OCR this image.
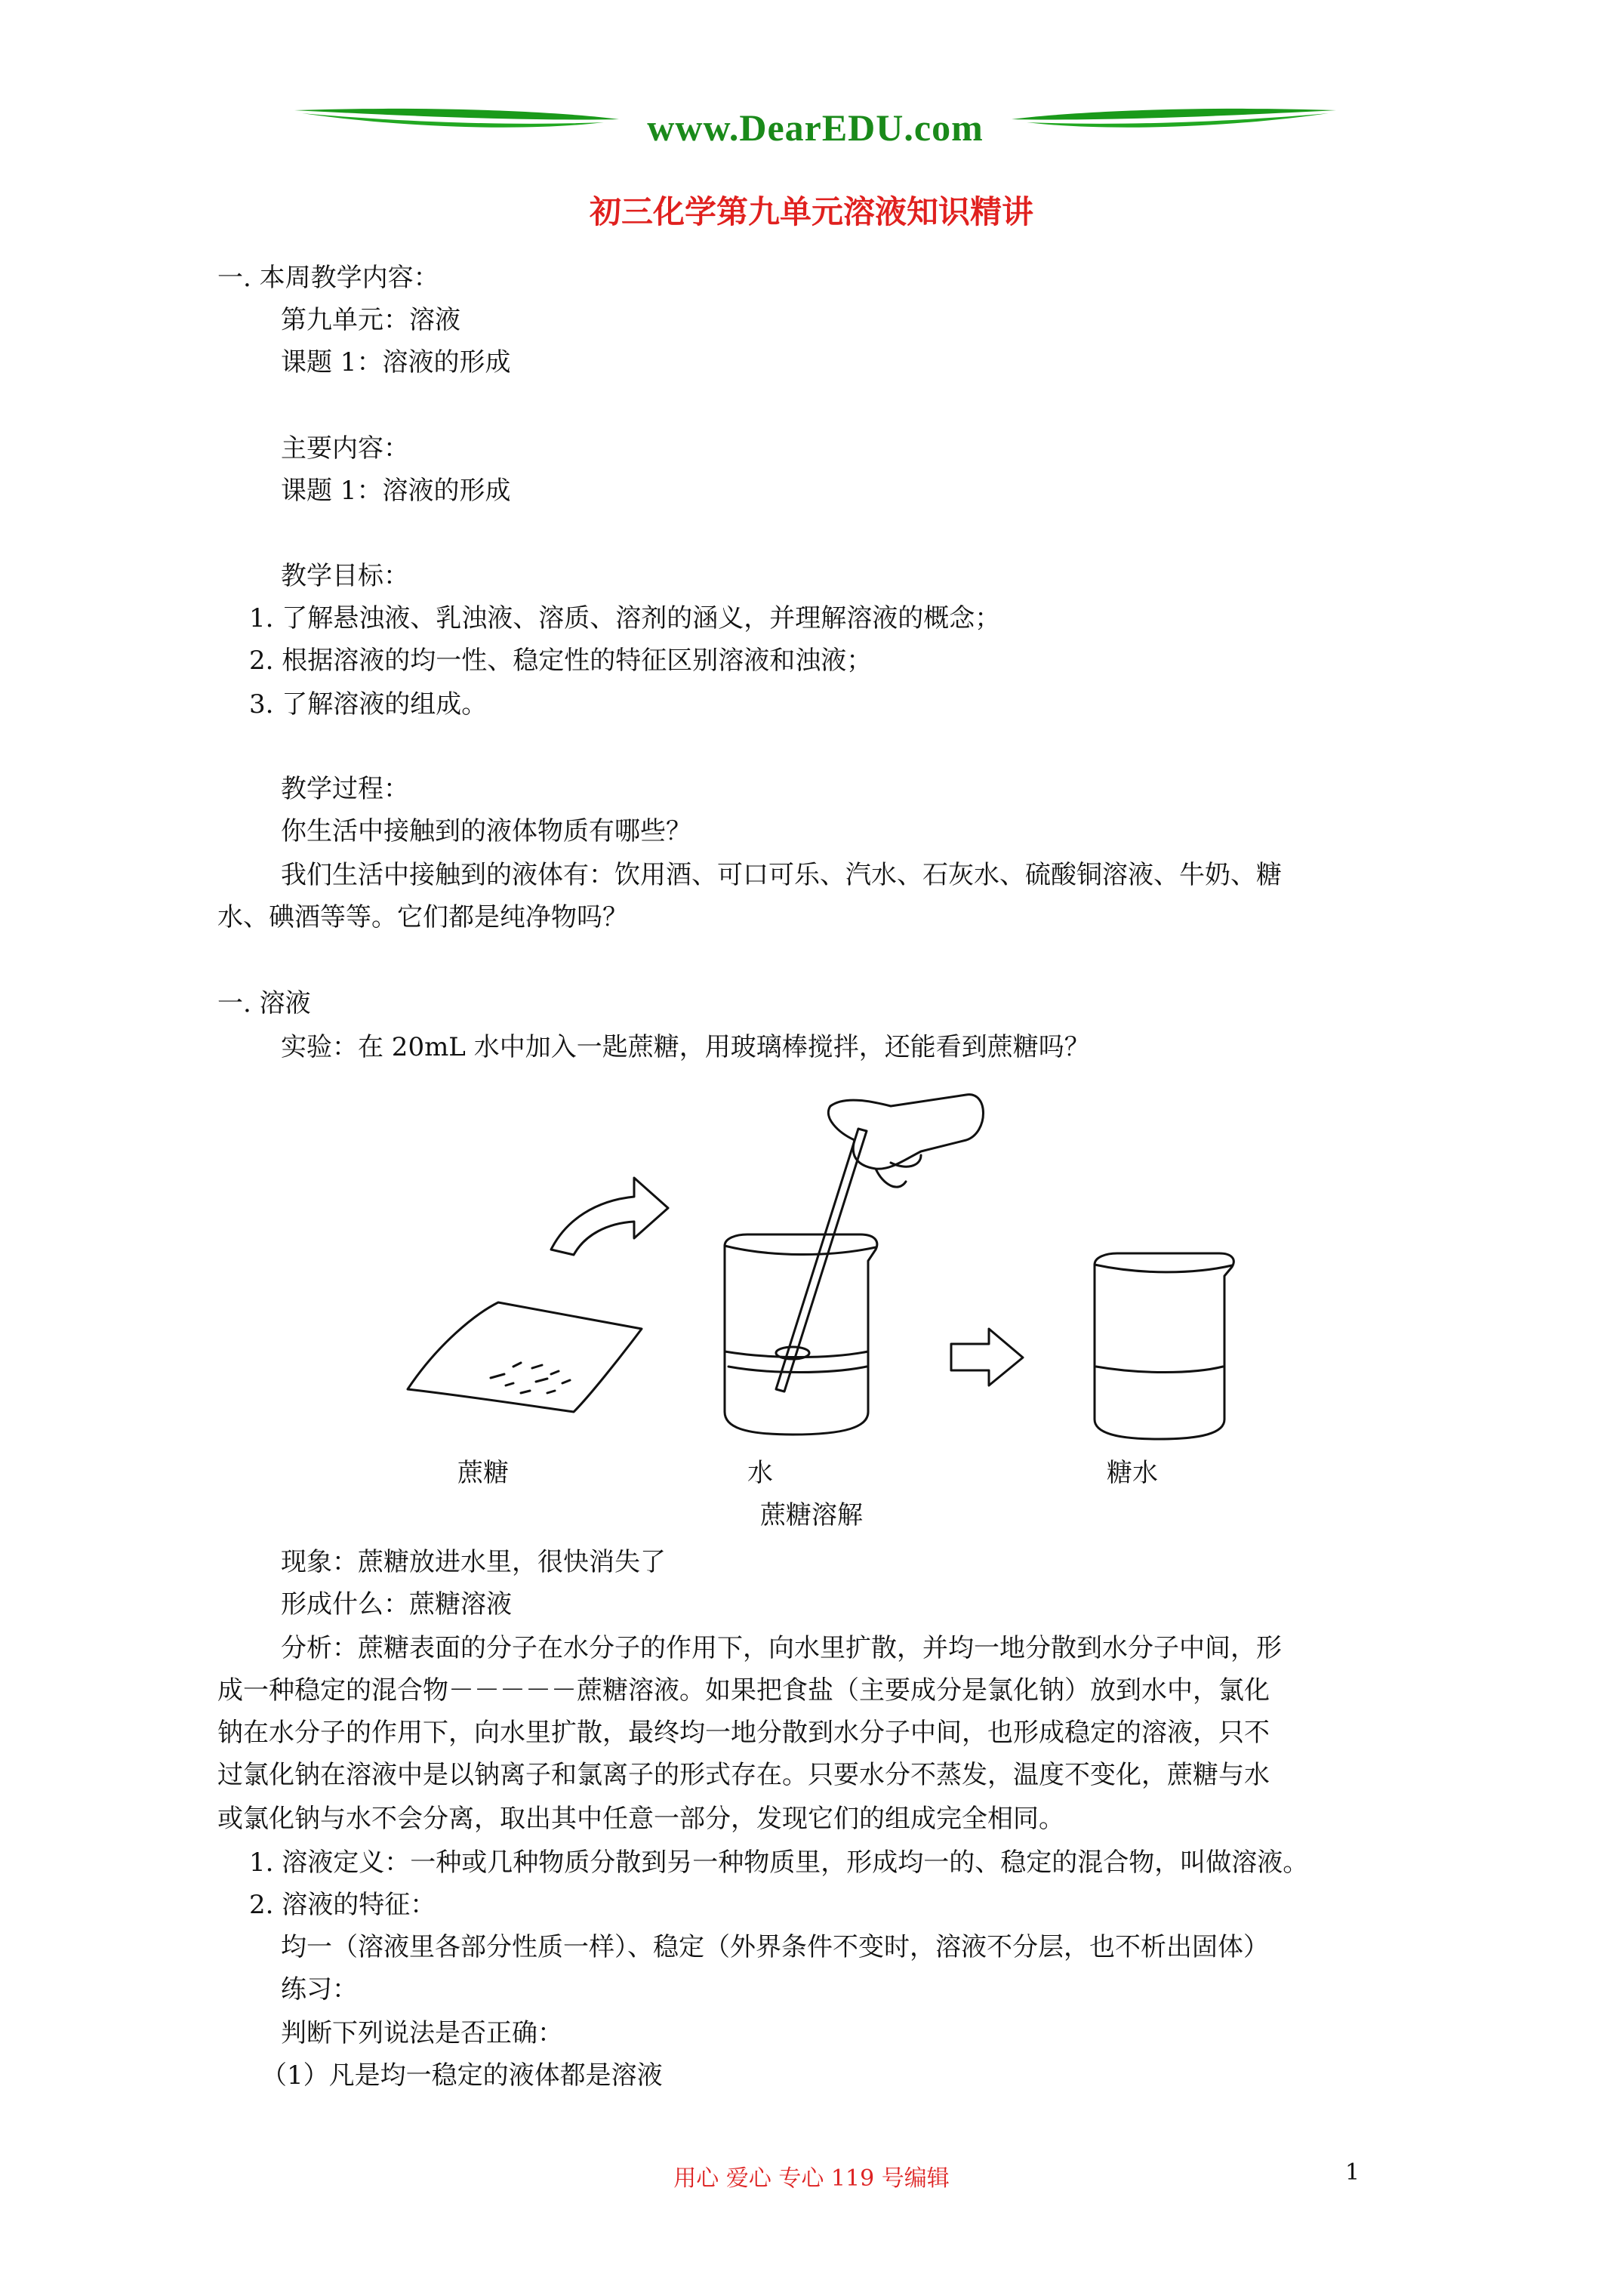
www.DearEDU.com
初三化学第九单元溶液知识精讲
一. 本周教学内容：
第九单元：溶液
课题 1：溶液的形成
主要内容：
课题 1：溶液的形成
教学目标：
1. 了解悬浊液、乳浊液、溶质、溶剂的涵义，并理解溶液的概念；
2. 根据溶液的均一性、稳定性的特征区别溶液和浊液；
3. 了解溶液的组成。
教学过程：
你生活中接触到的液体物质有哪些？
我们生活中接触到的液体有：饮用酒、可口可乐、汽水、石灰水、硫酸铜溶液、牛奶、糖
水、碘酒等等。它们都是纯净物吗？
一. 溶液
实验：在 20mL 水中加入一匙蔗糖，用玻璃棒搅拌，还能看到蔗糖吗？
蔗糖	水	糖水
蔗糖溶解
现象：蔗糖放进水里，很快消失了
形成什么：蔗糖溶液
分析：蔗糖表面的分子在水分子的作用下，向水里扩散，并均一地分散到水分子中间，形
成一种稳定的混合物－－－－－蔗糖溶液。如果把食盐（主要成分是氯化钠）放到水中，氯化
钠在水分子的作用下，向水里扩散，最终均一地分散到水分子中间，也形成稳定的溶液，只不
过氯化钠在溶液中是以钠离子和氯离子的形式存在。只要水分不蒸发，温度不变化，蔗糖与水
或氯化钠与水不会分离，取出其中任意一部分，发现它们的组成完全相同。
1. 溶液定义：一种或几种物质分散到另一种物质里，形成均一的、稳定的混合物，叫做溶液。
2. 溶液的特征：
均一（溶液里各部分性质一样）、稳定（外界条件不变时，溶液不分层，也不析出固体）
练习：
判断下列说法是否正确：
（1）凡是均一稳定的液体都是溶液
用心 爱心 专心 119 号编辑	1
